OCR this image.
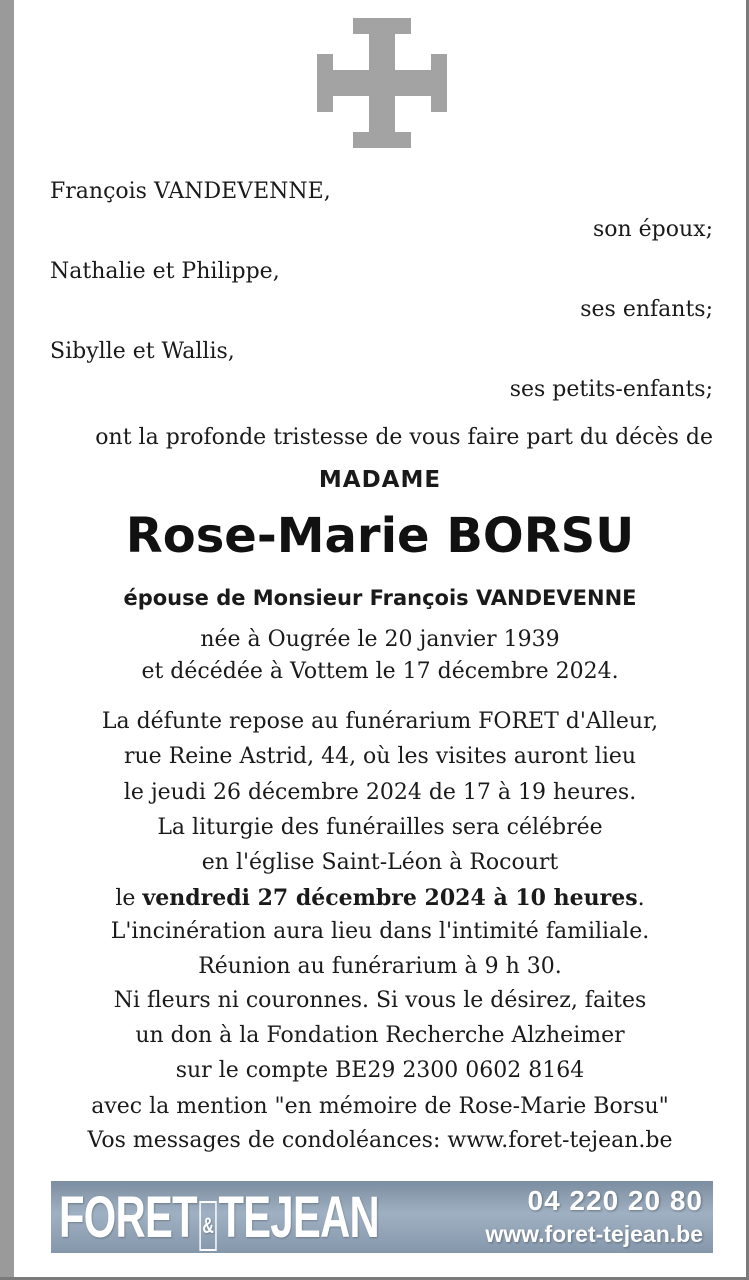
François VANDEVENNE,
son époux;
Nathalie et Philippe,
ses enfants;
Sibylle et Wallis,
ses petits-enfants;
ont la profonde tristesse de vous faire part du décès de
MADAME
Rose-Marie BORSU
épouse de Monsieur François VANDEVENNE
née à Ougrée le 20 janvier 1939
et décédée à Vottem le 17 décembre 2024.
La défunte repose au funérarium FORET d'Alleur,
rue Reine Astrid, 44, où les visites auront lieu
le jeudi 26 décembre 2024 de 17 à 19 heures.
La liturgie des funérailles sera célébrée
en l'église Saint-Léon à Rocourt
le vendredi 27 décembre 2024 à 10 heures.
L'incinération aura lieu dans l'intimité familiale.
Réunion au funérarium à 9 h 30.
Ni fleurs ni couronnes. Si vous le désirez, faites
un don à la Fondation Recherche Alzheimer
sur le compte BE29 2300 0602 8164
avec la mention "en mémoire de Rose-Marie Borsu"
Vos messages de condoléances: www.foret-tejean.be
FORET &TEJEAN	04 220 20 80
www.foret-tejean.be
